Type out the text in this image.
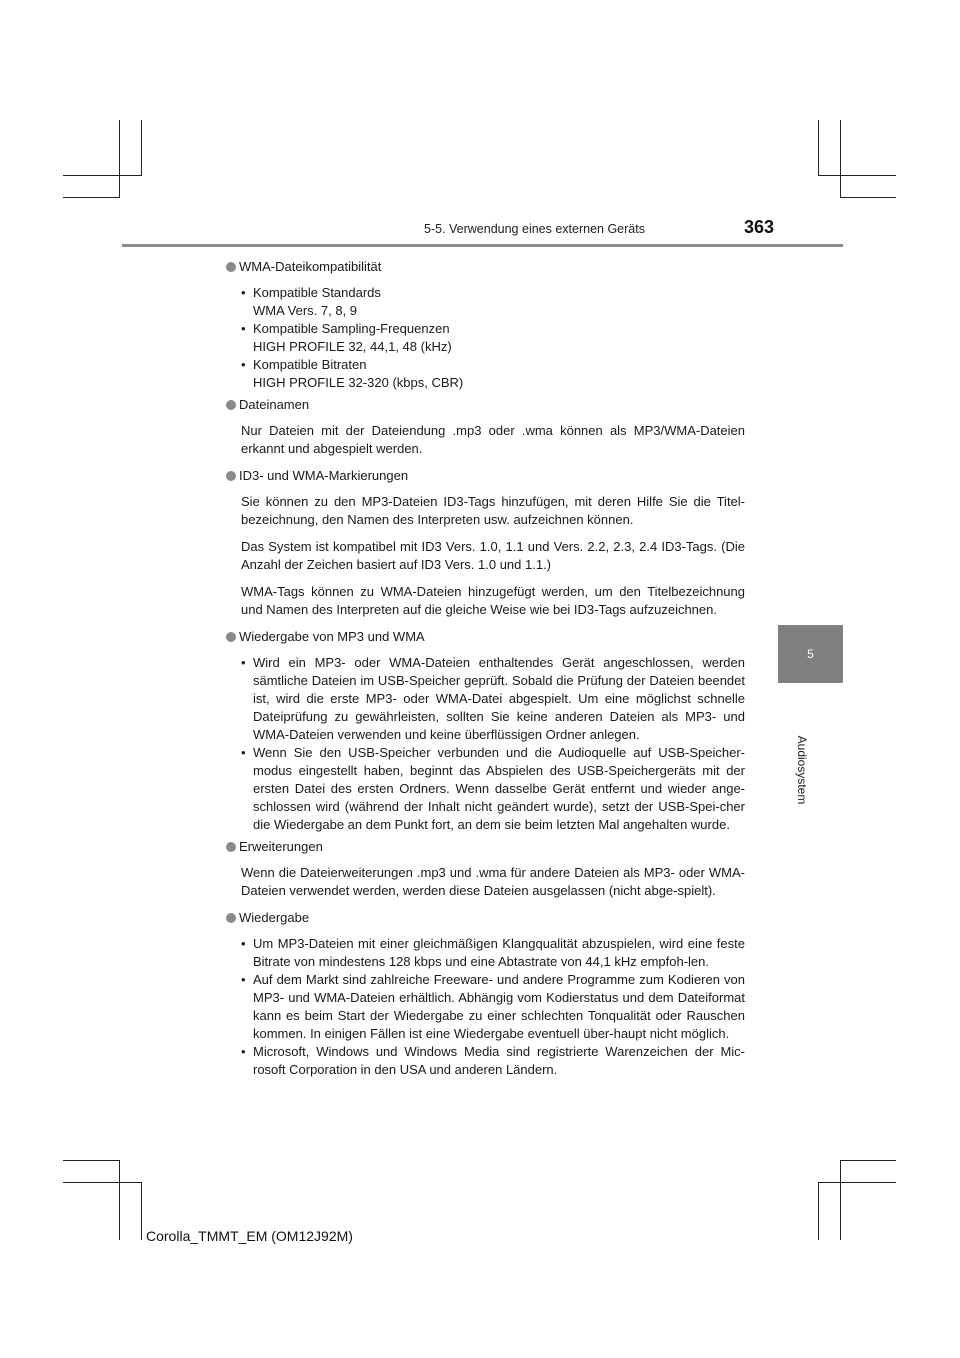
5-5. Verwendung eines externen Geräts	363
5
Audiosystem

WMA-Dateikompatibilität

• Kompatible Standards
WMA Vers. 7, 8, 9
• Kompatible Sampling-Frequenzen
HIGH PROFILE 32, 44,1, 48 (kHz)
• Kompatible Bitraten
HIGH PROFILE 32-320 (kbps, CBR)

Dateinamen

Nur Dateien mit der Dateiendung .mp3 oder .wma können als MP3/WMA-Dateien erkannt und abgespielt werden.

ID3- und WMA-Markierungen

Sie können zu den MP3-Dateien ID3-Tags hinzufügen, mit deren Hilfe Sie die Titel-bezeichnung, den Namen des Interpreten usw. aufzeichnen können.

Das System ist kompatibel mit ID3 Vers. 1.0, 1.1 und Vers. 2.2, 2.3, 2.4 ID3-Tags. (Die Anzahl der Zeichen basiert auf ID3 Vers. 1.0 und 1.1.)

WMA-Tags können zu WMA-Dateien hinzugefügt werden, um den Titelbezeichnung und Namen des Interpreten auf die gleiche Weise wie bei ID3-Tags aufzuzeichnen.

Wiedergabe von MP3 und WMA

• Wird ein MP3- oder WMA-Dateien enthaltendes Gerät angeschlossen, werden sämtliche Dateien im USB-Speicher geprüft. Sobald die Prüfung der Dateien beendet ist, wird die erste MP3- oder WMA-Datei abgespielt. Um eine möglichst schnelle Dateiprüfung zu gewährleisten, sollten Sie keine anderen Dateien als MP3- und WMA-Dateien verwenden und keine überflüssigen Ordner anlegen.
• Wenn Sie den USB-Speicher verbunden und die Audioquelle auf USB-Speicher-modus eingestellt haben, beginnt das Abspielen des USB-Speichergeräts mit der ersten Datei des ersten Ordners. Wenn dasselbe Gerät entfernt und wieder ange-schlossen wird (während der Inhalt nicht geändert wurde), setzt der USB-Spei-cher die Wiedergabe an dem Punkt fort, an dem sie beim letzten Mal angehalten wurde.

Erweiterungen

Wenn die Dateierweiterungen .mp3 und .wma für andere Dateien als MP3- oder WMA-Dateien verwendet werden, werden diese Dateien ausgelassen (nicht abge-spielt).

Wiedergabe

• Um MP3-Dateien mit einer gleichmäßigen Klangqualität abzuspielen, wird eine feste Bitrate von mindestens 128 kbps und eine Abtastrate von 44,1 kHz empfoh-len.
• Auf dem Markt sind zahlreiche Freeware- und andere Programme zum Kodieren von MP3- und WMA-Dateien erhältlich. Abhängig vom Kodierstatus und dem Dateiformat kann es beim Start der Wiedergabe zu einer schlechten Tonqualität oder Rauschen kommen. In einigen Fällen ist eine Wiedergabe eventuell über-haupt nicht möglich.
• Microsoft, Windows und Windows Media sind registrierte Warenzeichen der Mic-rosoft Corporation in den USA und anderen Ländern.
Corolla_TMMT_EM (OM12J92M)
